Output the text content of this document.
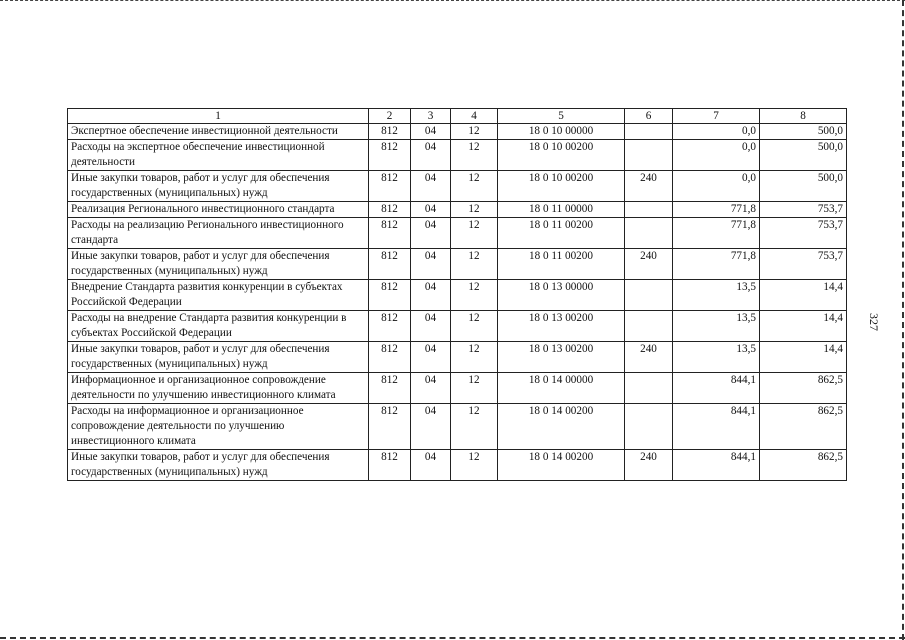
327
1	2	3	4	5	6	7	8
Экспертное обеспечение инвестиционной деятельности	812	04	12	18 0 10 00000		0,0	500,0
Расходы на экспертное обеспечение инвестиционной деятельности	812	04	12	18 0 10 00200		0,0	500,0
Иные закупки товаров, работ и услуг для обеспечения государственных (муниципальных) нужд	812	04	12	18 0 10 00200	240	0,0	500,0
Реализация Регионального инвестиционного стандарта	812	04	12	18 0 11 00000		771,8	753,7
Расходы на реализацию Регионального инвестиционного стандарта	812	04	12	18 0 11 00200		771,8	753,7
Иные закупки товаров, работ и услуг для обеспечения государственных (муниципальных) нужд	812	04	12	18 0 11 00200	240	771,8	753,7
Внедрение Стандарта развития конкуренции в субъектах Российской Федерации	812	04	12	18 0 13 00000		13,5	14,4
Расходы на внедрение Стандарта развития конкуренции в субъектах Российской Федерации	812	04	12	18 0 13 00200		13,5	14,4
Иные закупки товаров, работ и услуг для обеспечения государственных (муниципальных) нужд	812	04	12	18 0 13 00200	240	13,5	14,4
Информационное и организационное сопровождение деятельности по улучшению инвестиционного климата	812	04	12	18 0 14 00000		844,1	862,5
Расходы на информационное и организационное сопровождение деятельности по улучшению инвестиционного климата	812	04	12	18 0 14 00200		844,1	862,5
Иные закупки товаров, работ и услуг для обеспечения государственных (муниципальных) нужд	812	04	12	18 0 14 00200	240	844,1	862,5
